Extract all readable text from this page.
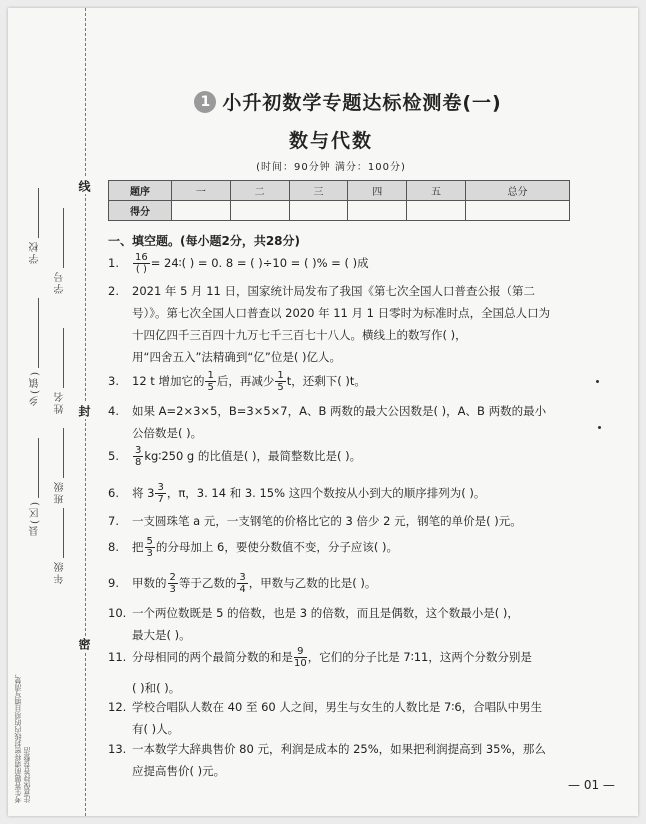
线
封
密
学校
学号
乡(镇) 姓名
县(区)
班级
年级
考生答题前请将密封线内的项目填写清楚，注意保持答卷整洁
1 小升初数学专题达标检测卷(一)
数与代数
(时间：90分钟 满分：100分)
题序	一	二	三	四	五	总分
得分						
一、填空题。(每小题2分，共28分)
1. $\frac{16}{( )}$ = 24∶( ) = 0. 8 = ( )÷10 = ( )% = ( )成
2. 2021 年 5 月 11 日，国家统计局发布了我国《第七次全国人口普查公报（第二
号）》。第七次全国人口普查以 2020 年 11 月 1 日零时为标准时点，全国总人口为
十四亿四千三百四十九万七千三百七十八人。横线上的数写作( )，
用“四舍五入”法精确到“亿”位是( )亿人。
3. 12 t 增加它的 $\frac{1}{5}$ 后，再减少 $\frac{1}{5}$ t，还剩下( )t。
4. 如果 A=2×3×5，B=3×5×7，A、B 两数的最大公因数是( )，A、B 两数的最小
公倍数是( )。
5. $\frac{3}{8}$ kg∶250 g 的比值是( )，最简整数比是( )。
6. 将 $3 \frac{3}{7}$ ，π，3. 14 和 3. 15% 这四个数按从小到大的顺序排列为( )。
7. 一支圆珠笔 a 元，一支钢笔的价格比它的 3 倍少 2 元，钢笔的单价是( )元。
8. 把 $\frac{5}{3}$ 的分母加上 6，要使分数值不变，分子应该( )。
9. 甲数的 $\frac{2}{3}$ 等于乙数的 $\frac{3}{4}$ ，甲数与乙数的比是( )。
10. 一个两位数既是 5 的倍数，也是 3 的倍数，而且是偶数，这个数最小是( )，
最大是( )。
11. 分母相同的两个最简分数的和是 $\frac{9}{10}$ ，它们的分子比是 7∶11，这两个分数分别是
( )和( )。
12. 学校合唱队人数在 40 至 60 人之间，男生与女生的人数比是 7∶6，合唱队中男生
有( )人。
13. 一本数学大辞典售价 80 元，利润是成本的 25%，如果把利润提高到 35%，那么
应提高售价( )元。
— 01 —
